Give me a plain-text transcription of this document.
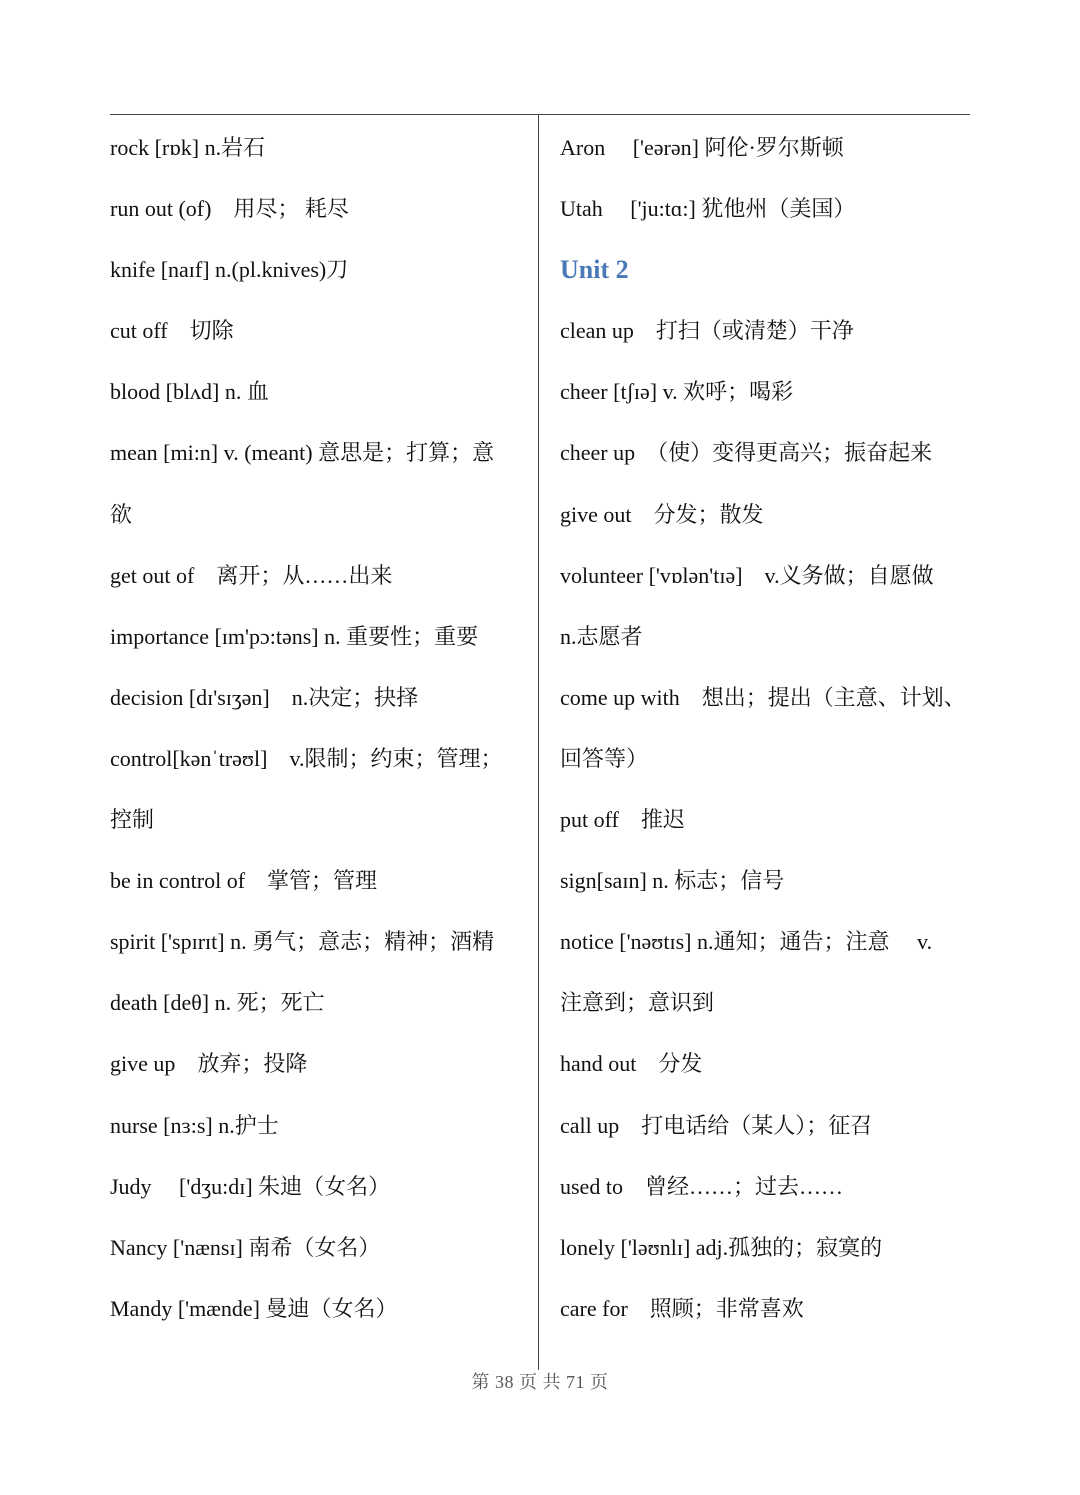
rock [rɒk] n.岩石
run out (of)　用尽； 耗尽
knife [naɪf] n.(pl.knives)刀
cut off　切除
blood [blʌd] n. 血
mean [mi:n] v. (meant) 意思是；打算；意
欲
get out of　离开；从……出来
importance [ɪm'pɔ:təns] n. 重要性；重要
decision [dɪ'sɪʒən]　n.决定；抉择
control[kənˈtrəʊl]　v.限制；约束；管理；
控制
be in control of　掌管；管理
spirit ['spɪrɪt] n. 勇气；意志；精神；酒精
death [deθ] n. 死；死亡
give up　放弃；投降
nurse [nɜ:s] n.护士
Judy　 ['dʒu:dɪ] 朱迪（女名）
Nancy ['nænsɪ] 南希（女名）
Mandy ['mænde] 曼迪（女名）
Aron　 ['eərən] 阿伦·罗尔斯顿
Utah　 ['ju:tɑ:] 犹他州（美国）
Unit 2
clean up　打扫（或清楚）干净
cheer [tʃɪə] v. 欢呼；喝彩
cheer up　（使）变得更高兴；振奋起来
give out　分发；散发
volunteer ['vɒlən'tɪə]　v.义务做；自愿做
n.志愿者
come up with　想出；提出（主意、计划、
回答等）
put off　推迟
sign[saɪn] n. 标志；信号
notice ['nəʊtɪs] n.通知；通告；注意　 v.
注意到；意识到
hand out　分发
call up　打电话给（某人）；征召
used to　曾经……；过去……
lonely ['ləʊnlɪ] adj.孤独的；寂寞的
care for　照顾；非常喜欢
第 38 页 共 71 页
